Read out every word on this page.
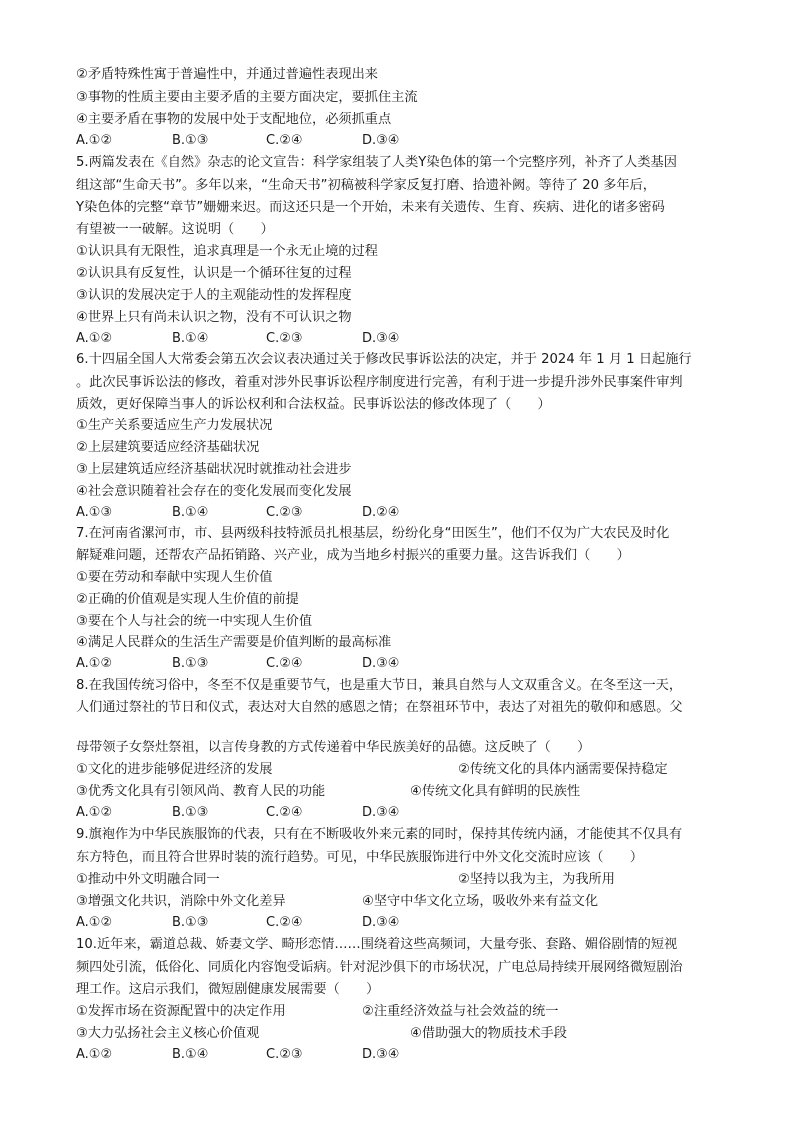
②矛盾特殊性寓于普遍性中，并通过普遍性表现出来
③事物的性质主要由主要矛盾的主要方面决定，要抓住主流
④主要矛盾在事物的发展中处于支配地位，必须抓重点
A.①②	B.①③	C.②④	D.③④
5.两篇发表在《自然》杂志的论文宣告：科学家组装了人类Y染色体的第一个完整序列，补齐了人类基因
组这部“生命天书”。多年以来，“生命天书”初稿被科学家反复打磨、拾遗补阙。等待了 20 多年后，
Y染色体的完整“章节”姗姗来迟。而这还只是一个开始，未来有关遗传、生育、疾病、进化的诸多密码
有望被一一破解。这说明（　　）
①认识具有无限性，追求真理是一个永无止境的过程
②认识具有反复性，认识是一个循环往复的过程
③认识的发展决定于人的主观能动性的发挥程度
④世界上只有尚未认识之物，没有不可认识之物
A.①②	B.①④	C.②③	D.③④
6.十四届全国人大常委会第五次会议表决通过关于修改民事诉讼法的决定，并于 2024 年 1 月 1 日起施行
。此次民事诉讼法的修改，着重对涉外民事诉讼程序制度进行完善，有利于进一步提升涉外民事案件审判
质效，更好保障当事人的诉讼权利和合法权益。民事诉讼法的修改体现了（　　）
①生产关系要适应生产力发展状况
②上层建筑要适应经济基础状况
③上层建筑适应经济基础状况时就推动社会进步
④社会意识随着社会存在的变化发展而变化发展
A.①③	B.①④	C.②③	D.②④
7.在河南省漯河市，市、县两级科技特派员扎根基层，纷纷化身“田医生”，他们不仅为广大农民及时化
解疑难问题，还帮农产品拓销路、兴产业，成为当地乡村振兴的重要力量。这告诉我们（　　）
①要在劳动和奉献中实现人生价值
②正确的价值观是实现人生价值的前提
③要在个人与社会的统一中实现人生价值
④满足人民群众的生活生产需要是价值判断的最高标准
A.①②	B.①③	C.②④	D.③④
8.在我国传统习俗中，冬至不仅是重要节气，也是重大节日，兼具自然与人文双重含义。在冬至这一天，
人们通过祭社的节日和仪式，表达对大自然的感恩之情；在祭祖环节中，表达了对祖先的敬仰和感恩。父
母带领子女祭灶祭祖，以言传身教的方式传递着中华民族美好的品德。这反映了（　　）
①文化的进步能够促进经济的发展	②传统文化的具体内涵需要保持稳定
③优秀文化具有引领风尚、教育人民的功能	④传统文化具有鲜明的民族性
A.①②	B.①③	C.②④	D.③④
9.旗袍作为中华民族服饰的代表，只有在不断吸收外来元素的同时，保持其传统内涵，才能使其不仅具有
东方特色，而且符合世界时装的流行趋势。可见，中华民族服饰进行中外文化交流时应该（　　）
①推动中外文明融合同一	②坚持以我为主，为我所用
③增强文化共识，消除中外文化差异	④坚守中华文化立场，吸收外来有益文化
A.①②	B.①③	C.②④	D.③④
10.近年来，霸道总裁、娇妻文学、畸形恋情……围绕着这些高频词，大量夸张、套路、媚俗剧情的短视
频四处引流，低俗化、同质化内容饱受诟病。针对泥沙俱下的市场状况，广电总局持续开展网络微短剧治
理工作。这启示我们，微短剧健康发展需要（　　）
①发挥市场在资源配置中的决定作用	②注重经济效益与社会效益的统一
③大力弘扬社会主义核心价值观	④借助强大的物质技术手段
A.①②	B.①④	C.②③	D.③④
